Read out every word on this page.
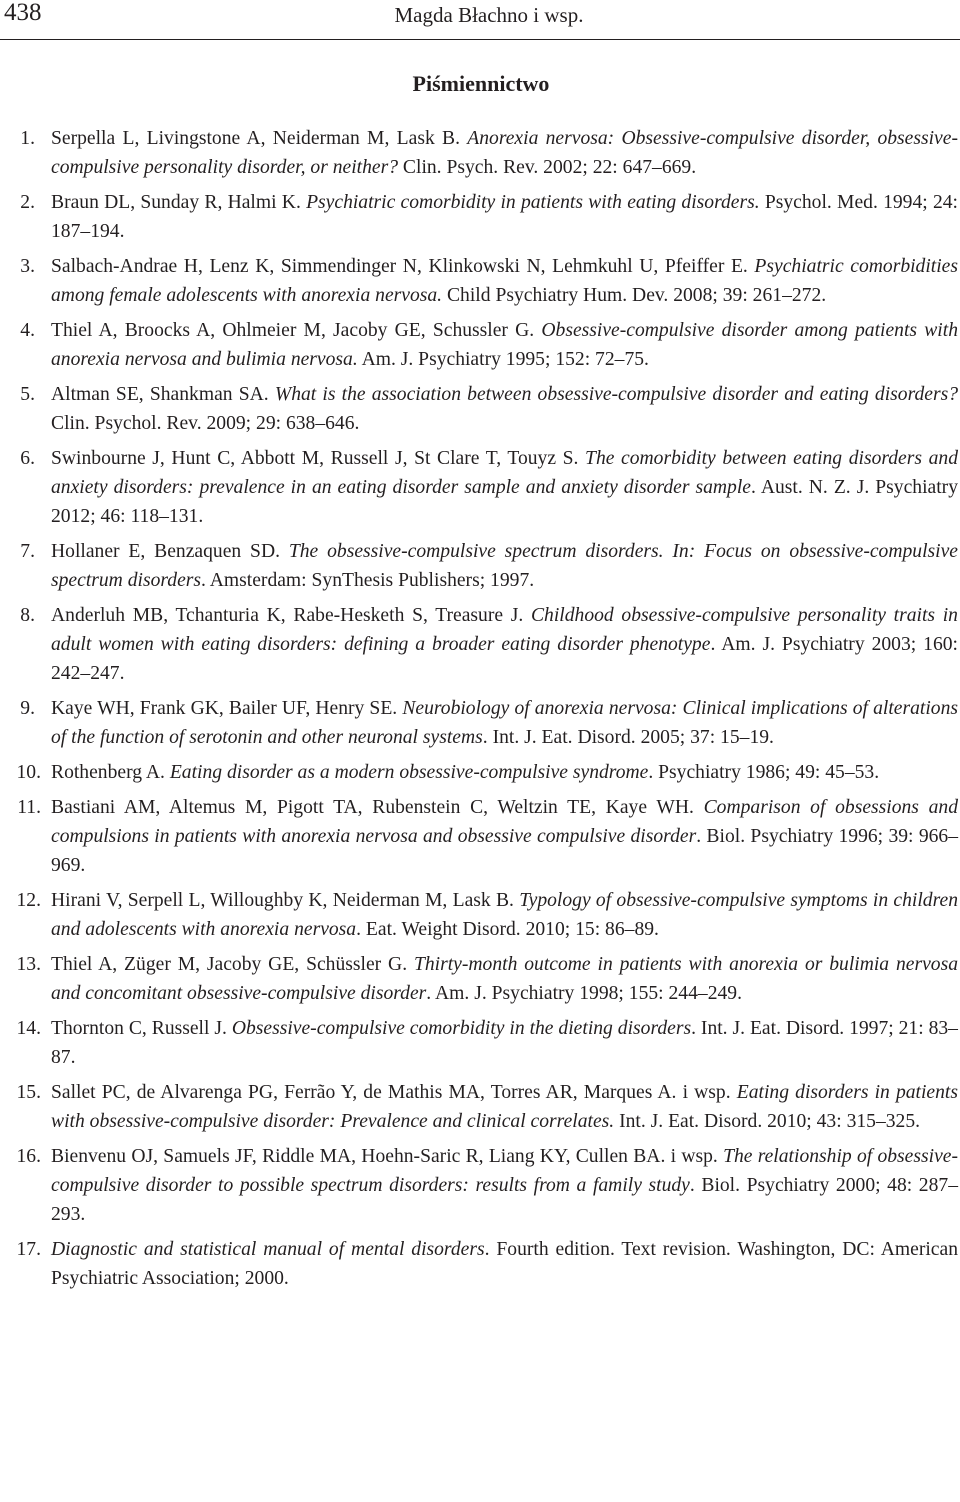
438	Magda Błachno i wsp.
Piśmiennictwo
1. Serpella L, Livingstone A, Neiderman M, Lask B. Anorexia nervosa: Obsessive-compulsive disorder, obsessive-compulsive personality disorder, or neither? Clin. Psych. Rev. 2002; 22: 647–669.
2. Braun DL, Sunday R, Halmi K. Psychiatric comorbidity in patients with eating disorders. Psychol. Med. 1994; 24: 187–194.
3. Salbach-Andrae H, Lenz K, Simmendinger N, Klinkowski N, Lehmkuhl U, Pfeiffer E. Psychiatric comorbidities among female adolescents with anorexia nervosa. Child Psychiatry Hum. Dev. 2008; 39: 261–272.
4. Thiel A, Broocks A, Ohlmeier M, Jacoby GE, Schussler G. Obsessive-compulsive disorder among patients with anorexia nervosa and bulimia nervosa. Am. J. Psychiatry 1995; 152: 72–75.
5. Altman SE, Shankman SA. What is the association between obsessive-compulsive disorder and eating disorders? Clin. Psychol. Rev. 2009; 29: 638–646.
6. Swinbourne J, Hunt C, Abbott M, Russell J, St Clare T, Touyz S. The comorbidity between eating disorders and anxiety disorders: prevalence in an eating disorder sample and anxiety disorder sample. Aust. N. Z. J. Psychiatry 2012; 46: 118–131.
7. Hollaner E, Benzaquen SD. The obsessive-compulsive spectrum disorders. In: Focus on obsessive-compulsive spectrum disorders. Amsterdam: SynThesis Publishers; 1997.
8. Anderluh MB, Tchanturia K, Rabe-Hesketh S, Treasure J. Childhood obsessive-compulsive personality traits in adult women with eating disorders: defining a broader eating disorder phenotype. Am. J. Psychiatry 2003; 160: 242–247.
9. Kaye WH, Frank GK, Bailer UF, Henry SE. Neurobiology of anorexia nervosa: Clinical implications of alterations of the function of serotonin and other neuronal systems. Int. J. Eat. Disord. 2005; 37: 15–19.
10. Rothenberg A. Eating disorder as a modern obsessive-compulsive syndrome. Psychiatry 1986; 49: 45–53.
11. Bastiani AM, Altemus M, Pigott TA, Rubenstein C, Weltzin TE, Kaye WH. Comparison of obsessions and compulsions in patients with anorexia nervosa and obsessive compulsive disorder. Biol. Psychiatry 1996; 39: 966–969.
12. Hirani V, Serpell L, Willoughby K, Neiderman M, Lask B. Typology of obsessive-compulsive symptoms in children and adolescents with anorexia nervosa. Eat. Weight Disord. 2010; 15: 86–89.
13. Thiel A, Züger M, Jacoby GE, Schüssler G. Thirty-month outcome in patients with anorexia or bulimia nervosa and concomitant obsessive-compulsive disorder. Am. J. Psychiatry 1998; 155: 244–249.
14. Thornton C, Russell J. Obsessive-compulsive comorbidity in the dieting disorders. Int. J. Eat. Disord. 1997; 21: 83–87.
15. Sallet PC, de Alvarenga PG, Ferrão Y, de Mathis MA, Torres AR, Marques A. i wsp. Eating disorders in patients with obsessive-compulsive disorder: Prevalence and clinical correlates. Int. J. Eat. Disord. 2010; 43: 315–325.
16. Bienvenu OJ, Samuels JF, Riddle MA, Hoehn-Saric R, Liang KY, Cullen BA. i wsp. The relationship of obsessive-compulsive disorder to possible spectrum disorders: results from a family study. Biol. Psychiatry 2000; 48: 287–293.
17. Diagnostic and statistical manual of mental disorders. Fourth edition. Text revision. Washington, DC: American Psychiatric Association; 2000.
